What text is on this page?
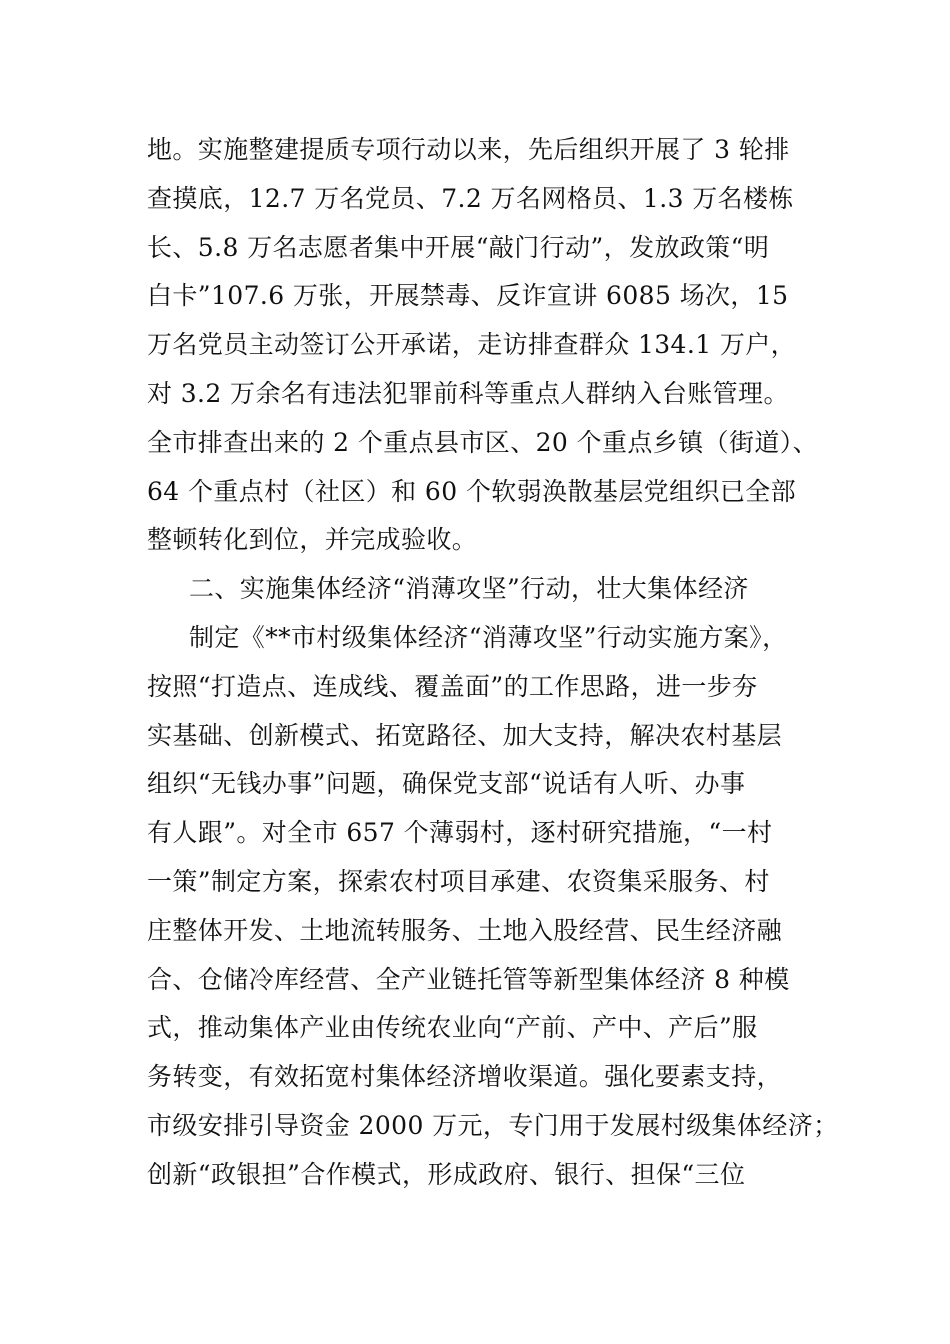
地。实施整建提质专项行动以来，先后组织开展了 3 轮排
查摸底，12.7 万名党员、7.2 万名网格员、1.3 万名楼栋
长、5.8 万名志愿者集中开展“敲门行动”，发放政策“明
白卡”107.6 万张，开展禁毒、反诈宣讲 6085 场次，15
万名党员主动签订公开承诺，走访排查群众 134.1 万户，
对 3.2 万余名有违法犯罪前科等重点人群纳入台账管理。
全市排查出来的 2 个重点县市区、20 个重点乡镇（街道）、
64 个重点村（社区）和 60 个软弱涣散基层党组织已全部
整顿转化到位，并完成验收。
二、实施集体经济“消薄攻坚”行动，壮大集体经济
制定《**市村级集体经济“消薄攻坚”行动实施方案》，
按照“打造点、连成线、覆盖面”的工作思路，进一步夯
实基础、创新模式、拓宽路径、加大支持，解决农村基层
组织“无钱办事”问题，确保党支部“说话有人听、办事
有人跟”。对全市 657 个薄弱村，逐村研究措施，“一村
一策”制定方案，探索农村项目承建、农资集采服务、村
庄整体开发、土地流转服务、土地入股经营、民生经济融
合、仓储冷库经营、全产业链托管等新型集体经济 8 种模
式，推动集体产业由传统农业向“产前、产中、产后”服
务转变，有效拓宽村集体经济增收渠道。强化要素支持，
市级安排引导资金 2000 万元，专门用于发展村级集体经济；
创新“政银担”合作模式，形成政府、银行、担保“三位
